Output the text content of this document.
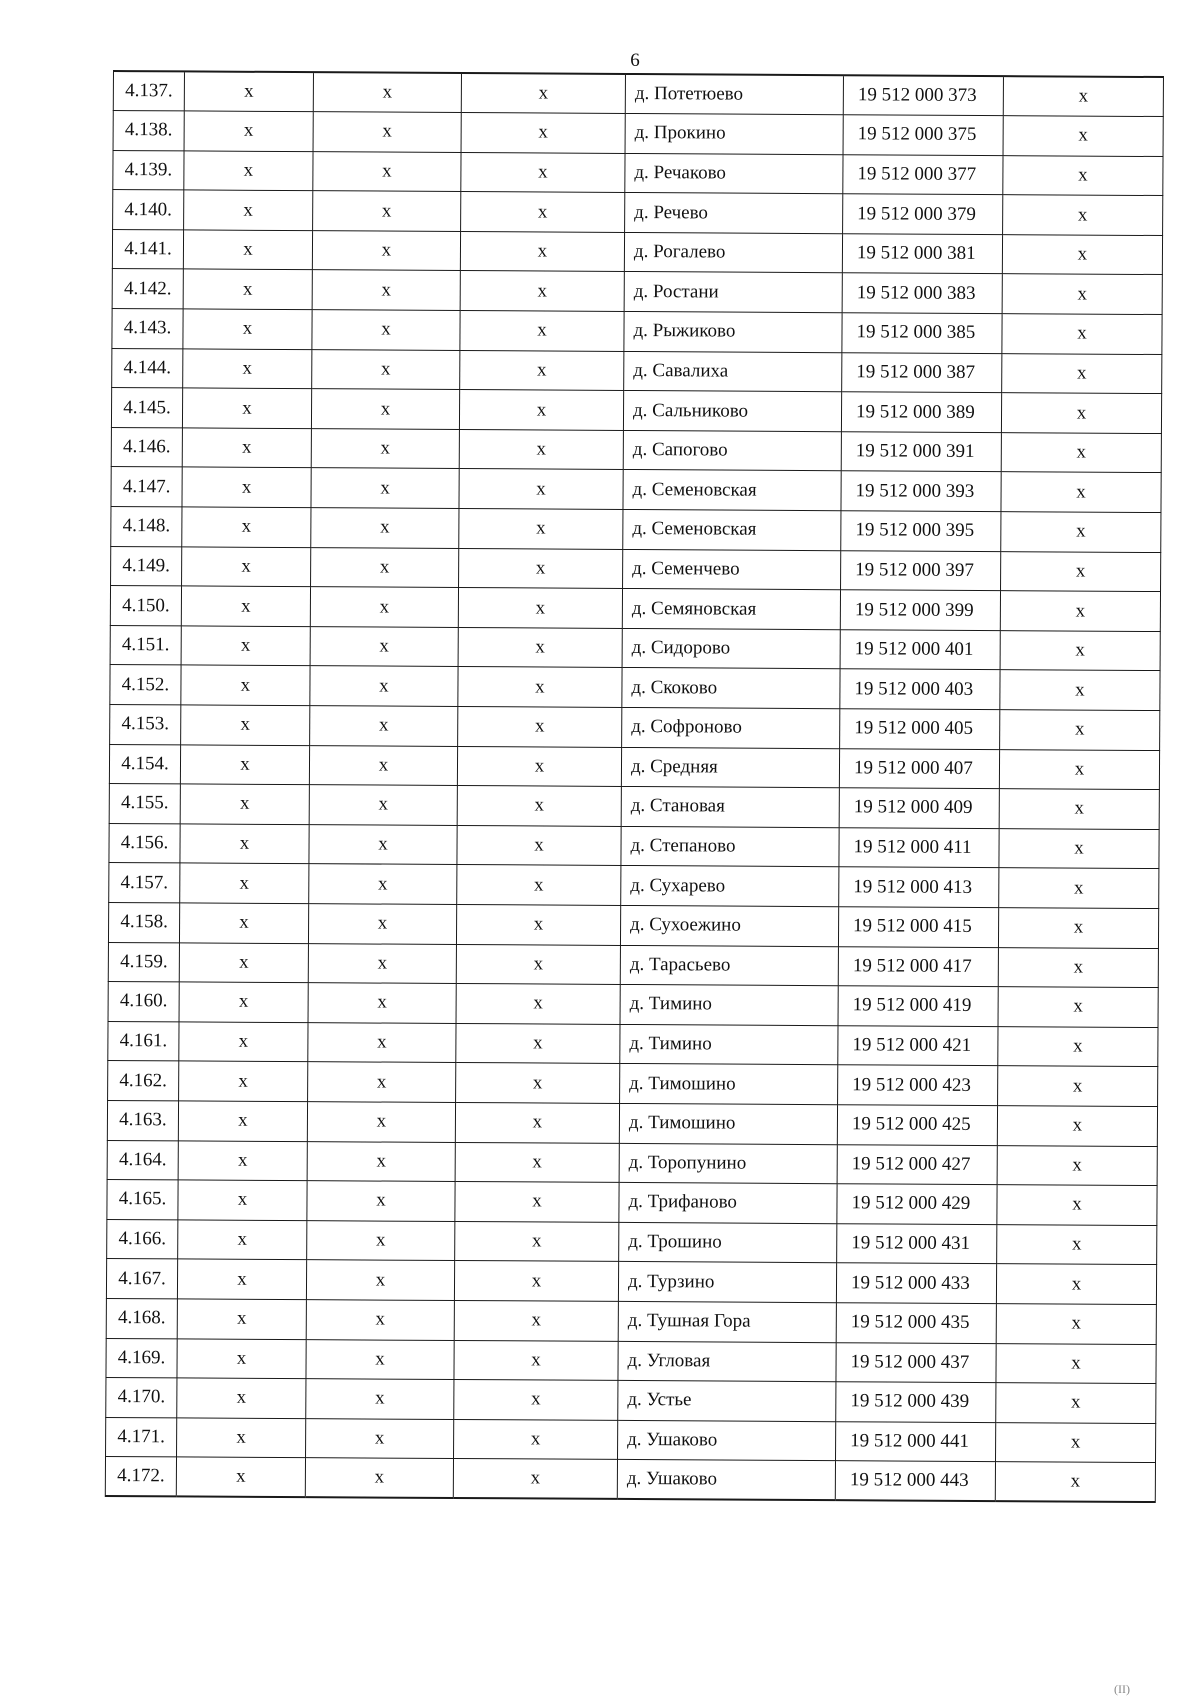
6
4.137.	х	х	х	д. Потетюево	19 512 000 373	х
4.138.	х	х	х	д. Прокино	19 512 000 375	х
4.139.	х	х	х	д. Речаково	19 512 000 377	х
4.140.	х	х	х	д. Речево	19 512 000 379	х
4.141.	х	х	х	д. Рогалево	19 512 000 381	х
4.142.	х	х	х	д. Ростани	19 512 000 383	х
4.143.	х	х	х	д. Рыжиково	19 512 000 385	х
4.144.	х	х	х	д. Савалиха	19 512 000 387	х
4.145.	х	х	х	д. Сальниково	19 512 000 389	х
4.146.	х	х	х	д. Сапогово	19 512 000 391	х
4.147.	х	х	х	д. Семеновская	19 512 000 393	х
4.148.	х	х	х	д. Семеновская	19 512 000 395	х
4.149.	х	х	х	д. Семенчево	19 512 000 397	х
4.150.	х	х	х	д. Семяновская	19 512 000 399	х
4.151.	х	х	х	д. Сидорово	19 512 000 401	х
4.152.	х	х	х	д. Скоково	19 512 000 403	х
4.153.	х	х	х	д. Софроново	19 512 000 405	х
4.154.	х	х	х	д. Средняя	19 512 000 407	х
4.155.	х	х	х	д. Становая	19 512 000 409	х
4.156.	х	х	х	д. Степаново	19 512 000 411	х
4.157.	х	х	х	д. Сухарево	19 512 000 413	х
4.158.	х	х	х	д. Сухоежино	19 512 000 415	х
4.159.	х	х	х	д. Тарасьево	19 512 000 417	х
4.160.	х	х	х	д. Тимино	19 512 000 419	х
4.161.	х	х	х	д. Тимино	19 512 000 421	х
4.162.	х	х	х	д. Тимошино	19 512 000 423	х
4.163.	х	х	х	д. Тимошино	19 512 000 425	х
4.164.	х	х	х	д. Торопунино	19 512 000 427	х
4.165.	х	х	х	д. Трифаново	19 512 000 429	х
4.166.	х	х	х	д. Трошино	19 512 000 431	х
4.167.	х	х	х	д. Турзино	19 512 000 433	х
4.168.	х	х	х	д. Тушная Гора	19 512 000 435	х
4.169.	х	х	х	д. Угловая	19 512 000 437	х
4.170.	х	х	х	д. Устье	19 512 000 439	х
4.171.	х	х	х	д. Ушаково	19 512 000 441	х
4.172.	х	х	х	д. Ушаково	19 512 000 443	х
(II)
